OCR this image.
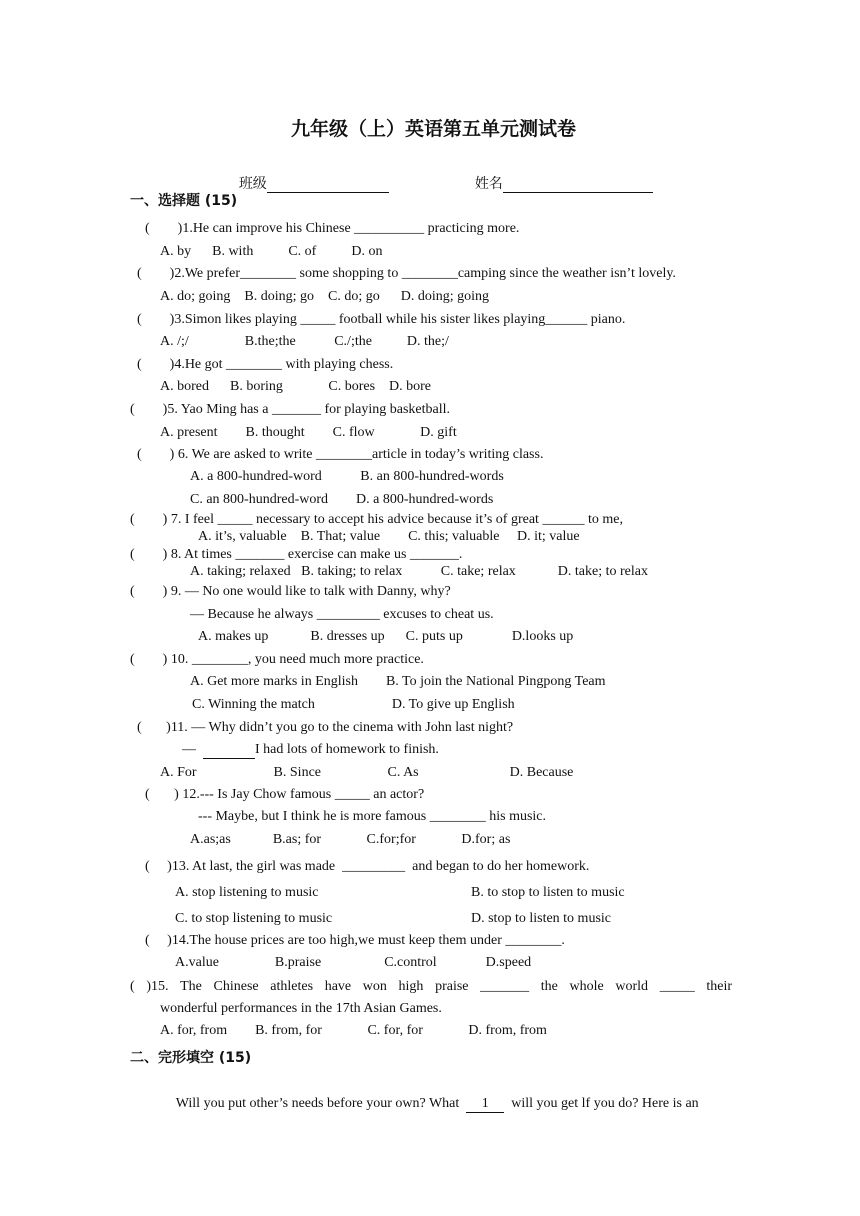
九年级（上）英语第五单元测试卷

班级
	姓名

一、选择题 (15)
(        )1.He can improve his Chinese __________ practicing more.
A. by      B. with          C. of          D. on
(        )2.We prefer________ some shopping to ________camping since the weather isn’t lovely.
A. do; going    B. doing; go    C. do; go      D. doing; going
(        )3.Simon likes playing _____ football while his sister likes playing______ piano.
A. /;/                B.the;the           C./;the          D. the;/
(        )4.He got ________ with playing chess.
A. bored      B. boring             C. bores    D. bore
(        )5. Yao Ming has a _______ for playing basketball.
A. present        B. thought        C. flow             D. gift
(        ) 6. We are asked to write ________article in today’s writing class.
A. a 800-hundred-word           B. an 800-hundred-words
C. an 800-hundred-word        D. a 800-hundred-words
(        ) 7. I feel _____ necessary to accept his advice because it’s of great ______ to me,
A. it’s, valuable    B. That; value        C. this; valuable     D. it; value
(        ) 8. At times _______ exercise can make us _______.
A. taking; relaxed   B. taking; to relax           C. take; relax            D. take; to relax
(        ) 9. — No one would like to talk with Danny, why?
— Because he always _________ excuses to cheat us.
A. makes up            B. dresses up      C. puts up              D.looks up
(        ) 10. ________, you need much more practice.
A. Get more marks in English        B. To join the National Pingpong Team
C. Winning the match                      D. To give up English
(       )11. — Why didn’t you go to the cinema with John last night?
—	I had lots of homework to finish.
A. For                      B. Since                   C. As                          D. Because
(       ) 12.--- Is Jay Chow famous _____ an actor?
--- Maybe, but I think he is more famous ________ his music.
A.as;as            B.as; for             C.for;for             D.for; as
(     )13. At last, the girl was made  _________  and began to do her homework.
A. stop listening to music	B. to stop to listen to music
C. to stop listening to music	D. stop to listen to music
(     )14.The house prices are too high,we must keep them under ________.
A.value                B.praise                  C.control              D.speed
( )15. The Chinese athletes have won high praise _______ the whole world _____ their
wonderful performances in the 17th Asian Games.
A. for, from        B. from, for             C. for, for             D. from, from
二、完形填空 (15)

Will you put other’s needs before your own? What  1  will you get lf you do? Here is an
